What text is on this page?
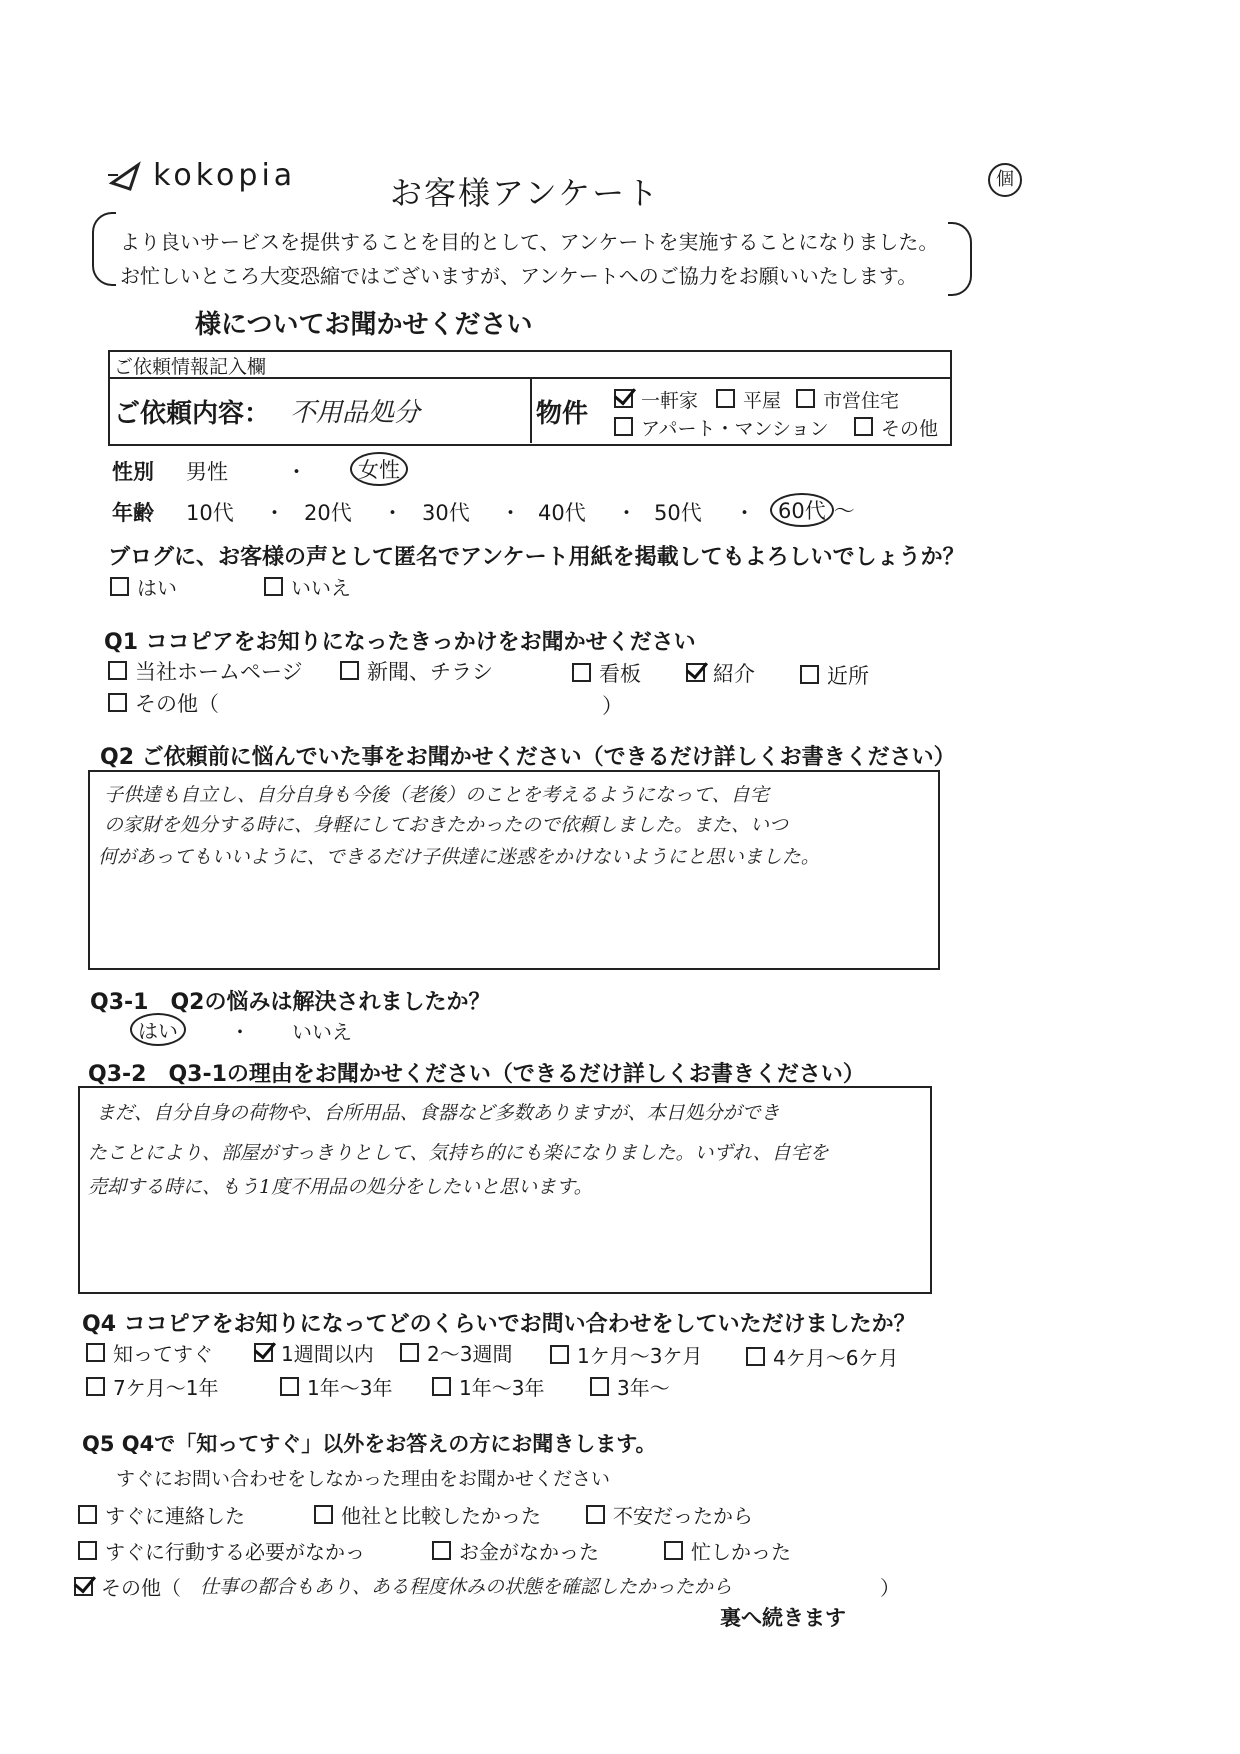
kokopia	お客様アンケート	個
より良いサービスを提供することを目的として、アンケートを実施することになりました。
お忙しいところ大変恐縮ではございますが、アンケートへのご協力をお願いいたします。
様についてお聞かせください
ご依頼情報記入欄
ご依頼内容： 不用品処分	物件	一軒家	平屋	市営住宅
アパート・マンション	その他
性別 男性	・	女性
年齢 10代 ・ 20代 ・ 30代 ・ 40代 ・ 50代 ・	60代 〜
ブログに、お客様の声として匿名でアンケート用紙を掲載してもよろしいでしょうか？
はい	いいえ
Q1 ココピアをお知りになったきっかけをお聞かせください
当社ホームページ	新聞、チラシ	看板	紹介	近所
その他（	）
Q2 ご依頼前に悩んでいた事をお聞かせください（できるだけ詳しくお書きください）
子供達も自立し、自分自身も今後（老後）のことを考えるようになって、自宅
の家財を処分する時に、身軽にしておきたかったので依頼しました。また、いつ
何があってもいいように、できるだけ子供達に迷惑をかけないようにと思いました。
Q3-1　Q2の悩みは解決されましたか？
はい	・ いいえ
Q3-2　Q3-1の理由をお聞かせください（できるだけ詳しくお書きください）
まだ、自分自身の荷物や、台所用品、食器など多数ありますが、本日処分ができ
たことにより、部屋がすっきりとして、気持ち的にも楽になりました。いずれ、自宅を
売却する時に、もう1度不用品の処分をしたいと思います。
Q4 ココピアをお知りになってどのくらいでお問い合わせをしていただけましたか？
知ってすぐ	1週間以内	2〜3週間	1ケ月〜3ケ月	4ケ月〜6ケ月
7ケ月〜1年	1年〜3年	1年〜3年	3年〜
Q5 Q4で「知ってすぐ」以外をお答えの方にお聞きします。
すぐにお問い合わせをしなかった理由をお聞かせください
すぐに連絡した	他社と比較したかった	不安だったから
すぐに行動する必要がなかっ	お金がなかった	忙しかった
その他（ 仕事の都合もあり、ある程度休みの状態を確認したかったから	）
裏へ続きます
